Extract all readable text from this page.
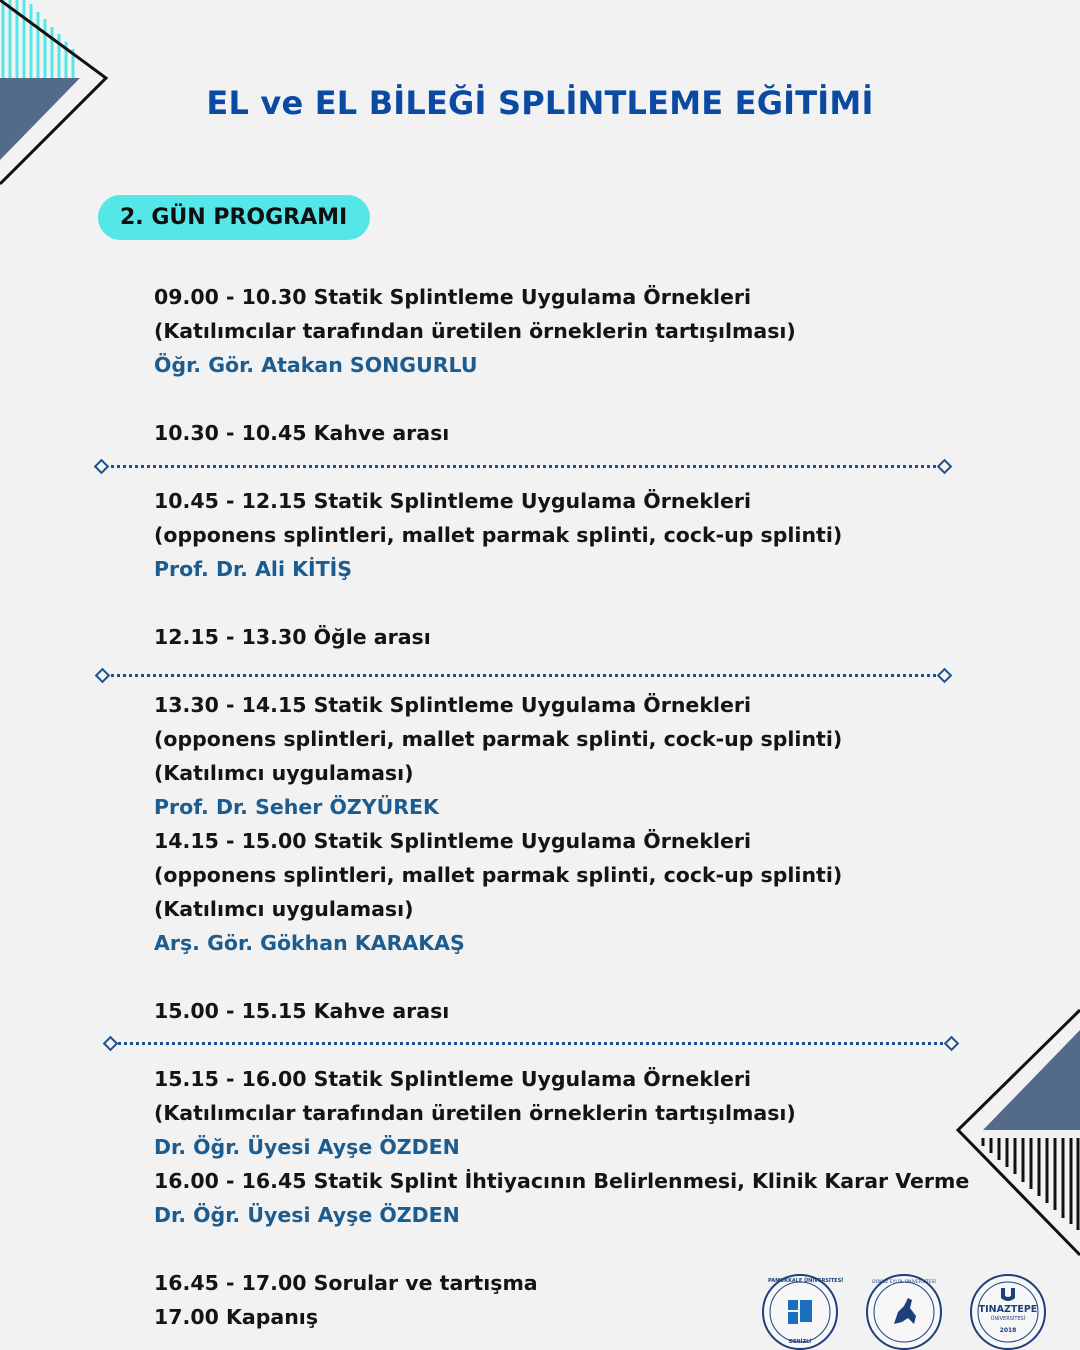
EL ve EL BİLEĞİ SPLİNTLEME EĞİTİMİ
2. GÜN PROGRAMI
09.00 - 10.30 Statik Splintleme Uygulama Örnekleri
(Katılımcılar tarafından üretilen örneklerin tartışılması)
Öğr. Gör. Atakan SONGURLU
10.30 - 10.45 Kahve arası
10.45 - 12.15 Statik Splintleme Uygulama Örnekleri
(opponens splintleri, mallet parmak splinti, cock-up splinti)
Prof. Dr. Ali KİTİŞ
12.15 - 13.30 Öğle arası
13.30 - 14.15 Statik Splintleme Uygulama Örnekleri
(opponens splintleri, mallet parmak splinti, cock-up splinti)
(Katılımcı uygulaması)
Prof. Dr. Seher ÖZYÜREK
14.15 - 15.00 Statik Splintleme Uygulama Örnekleri
(opponens splintleri, mallet parmak splinti, cock-up splinti)
(Katılımcı uygulaması)
Arş. Gör. Gökhan KARAKAŞ
15.00 - 15.15 Kahve arası
15.15 - 16.00 Statik Splintleme Uygulama Örnekleri
(Katılımcılar tarafından üretilen örneklerin tartışılması)
Dr. Öğr. Üyesi Ayşe ÖZDEN
16.00 - 16.45 Statik Splint İhtiyacının Belirlenmesi, Klinik Karar Verme
Dr. Öğr. Üyesi Ayşe ÖZDEN
16.45 - 17.00 Sorular ve tartışma
17.00 Kapanış
PAMUKKALE ÜNİVERSİTESİ
DENİZLİ
DOKUZ EYLÜL ÜNİVERSİTESİ
TINAZTEPE
ÜNİVERSİTESİ
2018
